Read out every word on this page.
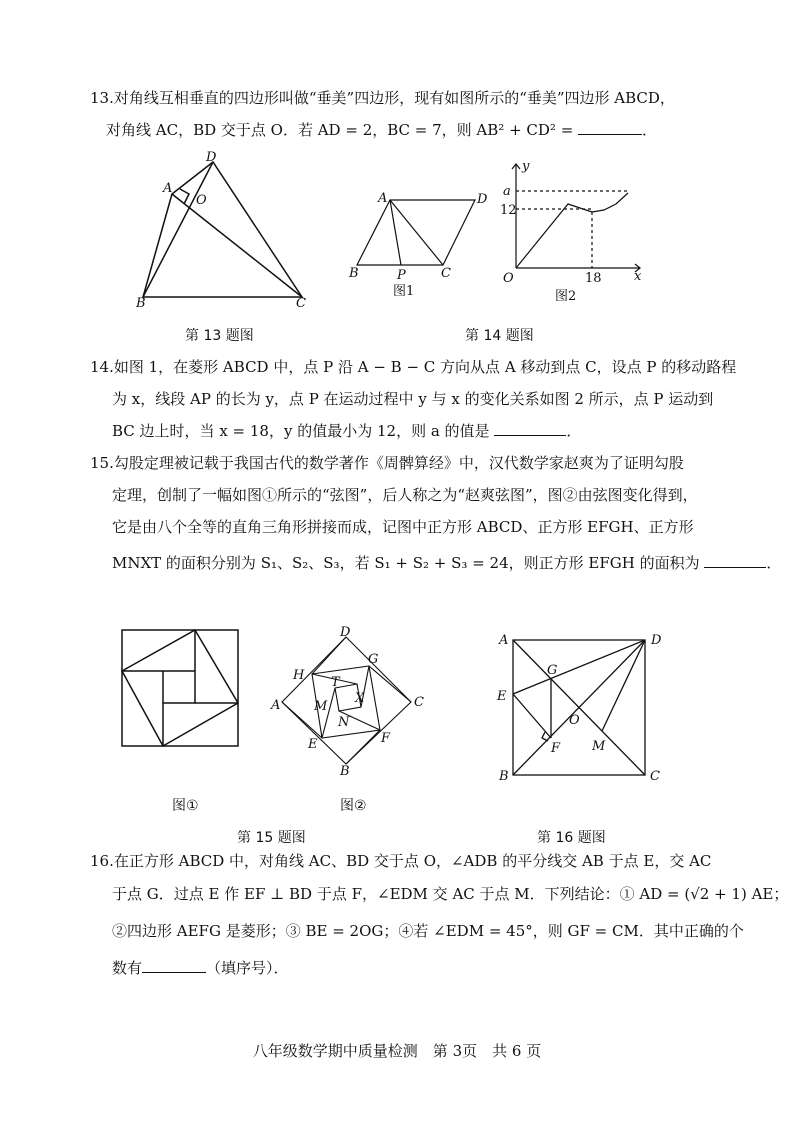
13.对角线互相垂直的四边形叫做“垂美”四边形，现有如图所示的“垂美”四边形 ABCD，
对角线 AC，BD 交于点 O．若 AD = 2，BC = 7，则 AB² + CD² =	．
D
A
O
B	C
第 13 题图
A	D
B	P	C
图1
y
a
12
O	18 x
图2
第 14 题图
14.如图 1，在菱形 ABCD 中，点 P 沿 A − B − C 方向从点 A 移动到点 C，设点 P 的移动路程
为 x，线段 AP 的长为 y，点 P 在运动过程中 y 与 x 的变化关系如图 2 所示，点 P 运动到
BC 边上时，当 x = 18，y 的值最小为 12，则 a 的值是	．
15.勾股定理被记载于我国古代的数学著作《周髀算经》中，汉代数学家赵爽为了证明勾股
定理，创制了一幅如图①所示的“弦图”，后人称之为“赵爽弦图”，图②由弦图变化得到，
它是由八个全等的直角三角形拼接而成，记图中正方形 ABCD、正方形 EFGH、正方形
MNXT 的面积分别为 S₁、S₂、S₃，若 S₁ + S₂ + S₃ = 24，则正方形 EFGH 的面积为	．
图①
D
G
H T
X
M
N
A	C
E	F
B
图②
第 15 题图
A	D
G
E
O
F M
B	C
第 16 题图
16.在正方形 ABCD 中，对角线 AC、BD 交于点 O，∠ADB 的平分线交 AB 于点 E，交 AC
于点 G．过点 E 作 EF ⊥ BD 于点 F，∠EDM 交 AC 于点 M．下列结论：① AD = (√2 + 1) AE；
②四边形 AEFG 是菱形；③ BE = 2OG；④若 ∠EDM = 45°，则 GF = CM．其中正确的个
数有	（填序号）．
八年级数学期中质量检测　第 3页　共 6 页
